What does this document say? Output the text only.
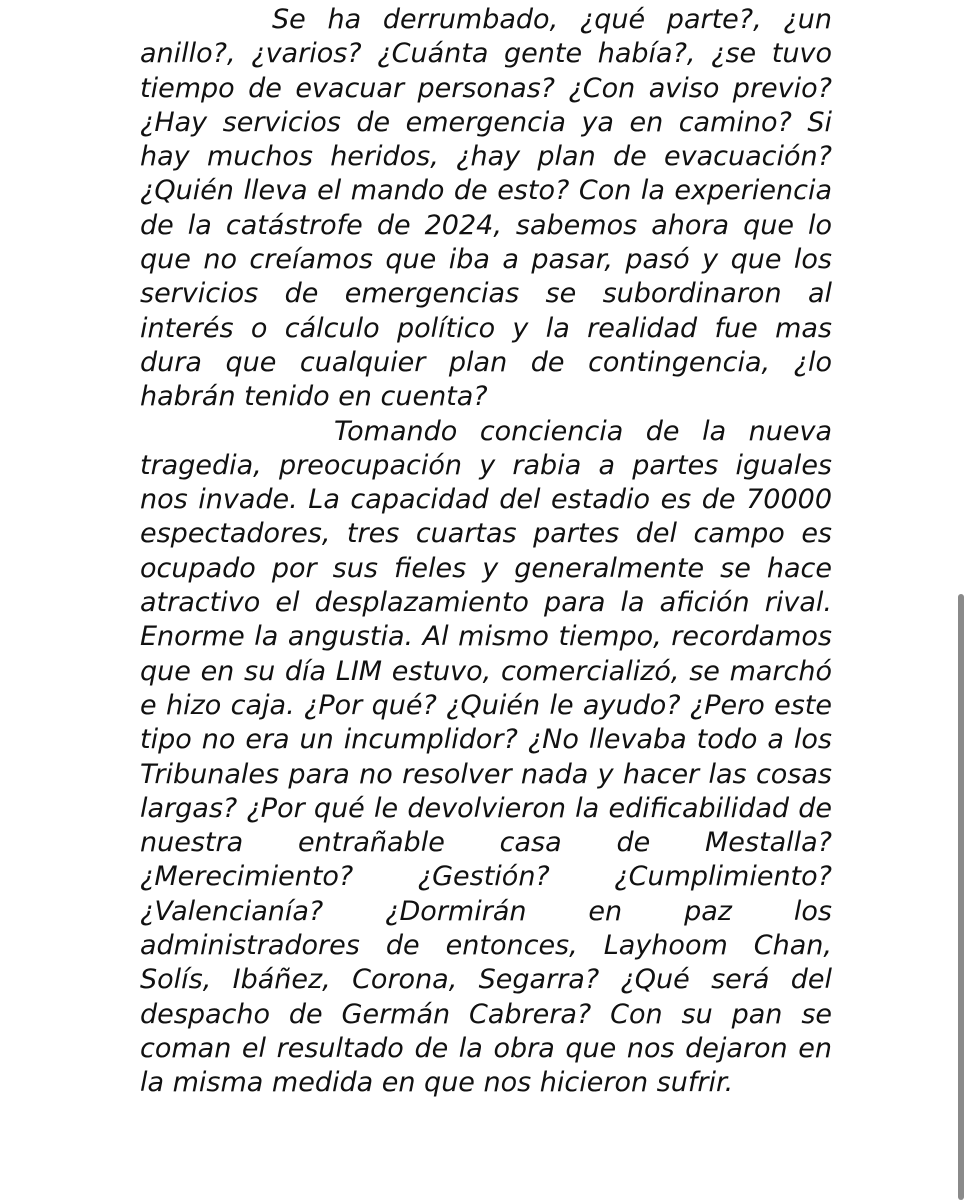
Se ha derrumbado, ¿qué parte?, ¿un anillo?, ¿varios? ¿Cuánta gente había?, ¿se tuvo tiempo de evacuar personas? ¿Con aviso previo? ¿Hay servicios de emergencia ya en camino? Si hay muchos heridos, ¿hay plan de evacuación? ¿Quién lleva el mando de esto? Con la experiencia de la catástrofe de 2024, sabemos ahora que lo que no creíamos que iba a pasar, pasó y que los servicios de emergencias se subordinaron al interés o cálculo político y la realidad fue mas dura que cualquier plan de contingencia, ¿lo habrán tenido en cuenta?

Tomando conciencia de la nueva tragedia, preocupación y rabia a partes iguales nos invade. La capacidad del estadio es de 70000 espectadores, tres cuartas partes del campo es ocupado por sus fieles y generalmente se hace atractivo el desplazamiento para la afición rival. Enorme la angustia. Al mismo tiempo, recordamos que en su día LIM estuvo, comercializó, se marchó e hizo caja. ¿Por qué? ¿Quién le ayudo? ¿Pero este tipo no era un incumplidor? ¿No llevaba todo a los Tribunales para no resolver nada y hacer las cosas largas? ¿Por qué le devolvieron la edificabilidad de nuestra entrañable casa de Mestalla? ¿Merecimiento? ¿Gestión? ¿Cumplimiento? ¿Valencianía? ¿Dormirán en paz los administradores de entonces, Layhoom Chan, Solís, Ibáñez, Corona, Segarra? ¿Qué será del despacho de Germán Cabrera? Con su pan se coman el resultado de la obra que nos dejaron en la misma medida en que nos hicieron sufrir.
